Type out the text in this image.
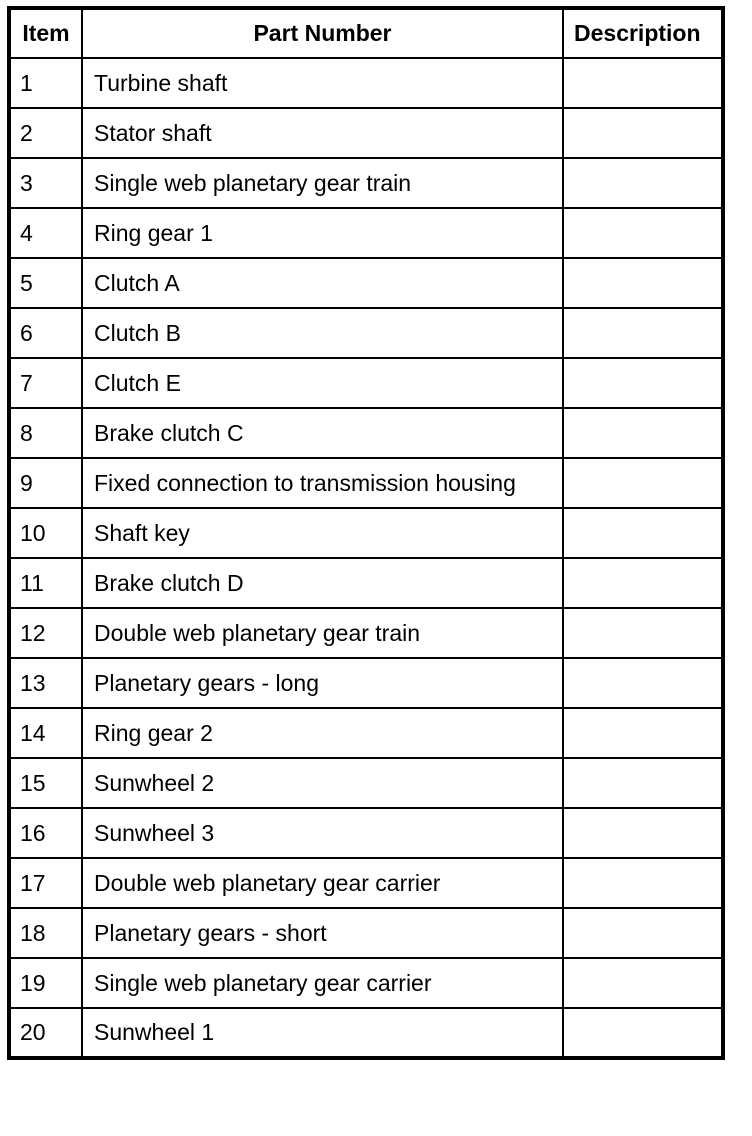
Item	Part Number	Description
1	Turbine shaft	
2	Stator shaft	
3	Single web planetary gear train	
4	Ring gear 1	
5	Clutch A	
6	Clutch B	
7	Clutch E	
8	Brake clutch C	
9	Fixed connection to transmission housing	
10	Shaft key	
11	Brake clutch D	
12	Double web planetary gear train	
13	Planetary gears - long	
14	Ring gear 2	
15	Sunwheel 2	
16	Sunwheel 3	
17	Double web planetary gear carrier	
18	Planetary gears - short	
19	Single web planetary gear carrier	
20	Sunwheel 1	
